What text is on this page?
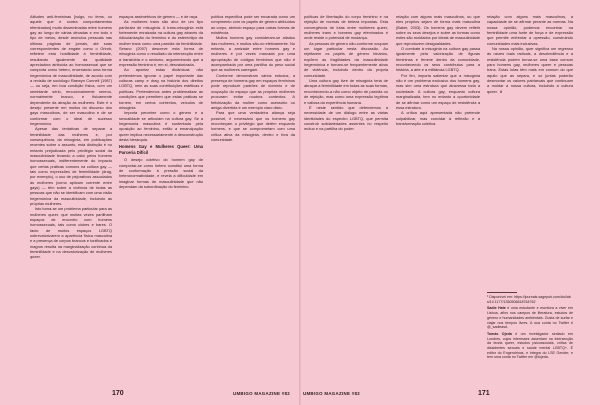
Atitudes anti-femininas [vulgo, no fems, ou aquele que é contra comportamentos efeminados] muito disseminadas entre homens gay ao longo de várias décadas e em todo o tipo de meios, desde anúncios pessoais nas últimas páginas de jornais, até suas correspondentes de engate como o Grindr, refletem esta hostilidade à feminilidade, resultando igualmente da qualidade apreciadora atribuída ao homossexual que se comporta como hetero, encenando uma forma hegemónica de masculinidade, de acordo com a revisão de sociólogo Raewyn Connell (1987) — ou seja, em boa condição física, com um semblante sério, emocionalmente sereno, normalmente branco, e fisicamente dependente da atração às mulheres. Este é o desejo presente em muitos do discurso dos gays masculinos, de ser masculino e de se conformar com o ideal de sucesso hegemónico.

Apesar das tentativas de separar a feminilidade das mulheres e, por consequência, da misoginia, em publicações recentes sobre o assunto, esta distinção é no entanto prejudicada pelo privilégio social da masculinidade levando a cabo pelos homens homossexuais, indiferentemente do impacto que certas práticas comuns na cultura gay — tais como expressões de feminilidade (drag, por exemplo), o uso de pejorativos associados às mulheres (como aplicam corrente entre gays) — têm sobre a vivência de todas as pessoas que não se identificam com uma visão hegemónica da masculinidade, incluindo as próprias mulheres.

Isto torna-se um problema particular para as mulheres queer, que muitas vezes partilham espaços de encontro com homens homossexuais, tais como clubes e bares. O facto de muitos espaços LGBTQ sobrevalorizarem a aparência física masculina e a presença de corpos brancos e tonificados e magros resulta na marginalização contínua da feminilidade e na desvalorização de mulheres queer.

espaços assimétricos de género — e de raça.

As mulheres trans são alvo de um tipo particular de misoginia. A trans-misoginia está fortemente enraizada na cultura gay através da ridicularização do feminino e do estereótipo da mulher trans como uma paródia da feminilidade. Serano (2007) descreve esta forma de misoginia como o resultado da intersecção entre a transfobia e o sexismo, argumentando que a expressão feminina é, em si, desvalorizada.

Ao apontar estas dinâmicas não pretendemos ignorar o papel importante das culturas camp e drag na história dos direitos LGBTQ, nem as suas contribuições estéticas e políticas. Pretendemos antes problematizar as condições que permitem que estas práticas se tornem, em certos contextos, veículos de misoginia.

Importa perceber como o género e a sexualidade se articulam na cultura gay. Se a hegemonia masculina é sustentada pela oposição ao feminino, então a emancipação queer implica necessariamente a desconstrução desta hierarquia.

Homens Gay e Mulheres Queer: Uma Parceria Difícil

O desejo coletivo do homem gay de comportar-se como hetero constitui uma forma de conformação à pressão social da heteronormatividade, e revela a dificuldade em imaginar formas de masculinidade que não dependam da subordinação do feminino.

política específica pode ser encarada como um rompimento com os papéis de género atribuídos ao corpo, abrindo espaço para outras formas de existência.

Muitos homens gay consideram-se aliados das mulheres, e muitos são-no efetivamente. No entanto, a amizade entre homens gay e mulheres é por vezes marcada por uma apropriação de códigos femininos que não é acompanhada por uma partilha do peso social que as mulheres carregam.

Conforme demonstram vários estudos, a presença de homens gay em espaços femininos pode reproduzir padrões de domínio e de ocupação do espaço que as próprias mulheres procuram evitar noutros contextos. A fetichização da mulher como acessório ou amiga divertida é um exemplo claro disto.

Para que uma verdadeira aliança seja possível, é necessário que os homens gay reconheçam o privilégio que detêm enquanto homens, e que se comprometam com uma crítica ativa da misoginia, dentro e fora da comunidade.

políticas de libertação do corpo feminino e na rejeição de normas de beleza impostas. Esta convergência de lutas entre mulheres queer, mulheres trans e homens gay efeminados é onde reside o potencial de mudança.

As pessoas de género não-conforme ocupam um lugar particular nesta discussão. Ao rejeitarem os papéis de género binários, expõem as fragilidades da masculinidade hegemónica e tornam-se frequentemente alvos de violência, incluindo dentro da própria comunidade.

Uma cultura gay livre de misoginia teria de abraçar a feminilidade em todas as suas formas, reconhecendo-a não como objeto de paródia ou de rejeição, mas como uma expressão legítima e valiosa da experiência humana.

É neste sentido que defendemos a necessidade de um diálogo entre as várias identidades do espectro LGBTQ, que permita construir solidariedades assentes no respeito mútuo e na partilha do poder.

relação com alguns mais masculinos, ou que eles próprios sejam de forma mais masculina (Baker, 2003). Os homens gay devem refletir sobre os seus desejos e sobre as formas como estes são moldados por ideais de masculinidade que reproduzem desigualdades.

O combate à misoginia na cultura gay passa igualmente pela valorização de figuras femininas e femme dentro da comunidade, reconhecendo os seus contributos para a história, a arte e a militância LGBTQ.

Por fim, importa salientar que a misoginia não é um problema exclusivo dos homens gay, mas sim uma estrutura que atravessa toda a sociedade. A cultura gay, enquanto cultura marginalizada, tem no entanto a oportunidade de se afirmar como um espaço de resistência a essa estrutura.

A crítica aqui apresentada não pretende culpabilizar, mas convidar à reflexão e à transformação coletiva.

relação com alguns mais masculinos, a capacidade de se afirmar perante as normas. Na nossa opinião, podemos encontrar na feminilidade uma fonte de força e de expressão que permite enfrentar a opressão, construindo comunidades mais inclusivas.

Na nossa opinião, quer significa um regresso às raízes mais radicais, a desobediência e a resistência podem tornar-se uma base comum para homens gay, mulheres queer e pessoas trans. Estas lutas têm mais em comum do que aquilo que as separa, e só juntas poderão desmontar os valores patriarcais que continuam a moldar a nossa cultura, incluindo a cultura queer. //

¹ Disponível em: https://journals.sagepub.com/doi/abs/10.1177/1350506818764762
Sadie Hale é uma estudante e escritora a viver em Lisboa, afins nos campos de literatura, estudos de género e humanidades ambientais. Gosta de surfar e viajar nos tempos livres. A sua conta no Twitter é @_sadieasd.
Tomás Ojeda é um investigador sediado em Londres, cujos interesses assentam na intersecção da teoria queer, estudos psicossociais, crítica de dissidentes sexuais e saúde mental LGBTQ+. É editor do Engendrinos, e integra do LSE Gender, e tem uma conta no Twitter em @tojeda.
170	UMBIGO MAGAZINE #82	UMBIGO MAGAZINE #82	171
